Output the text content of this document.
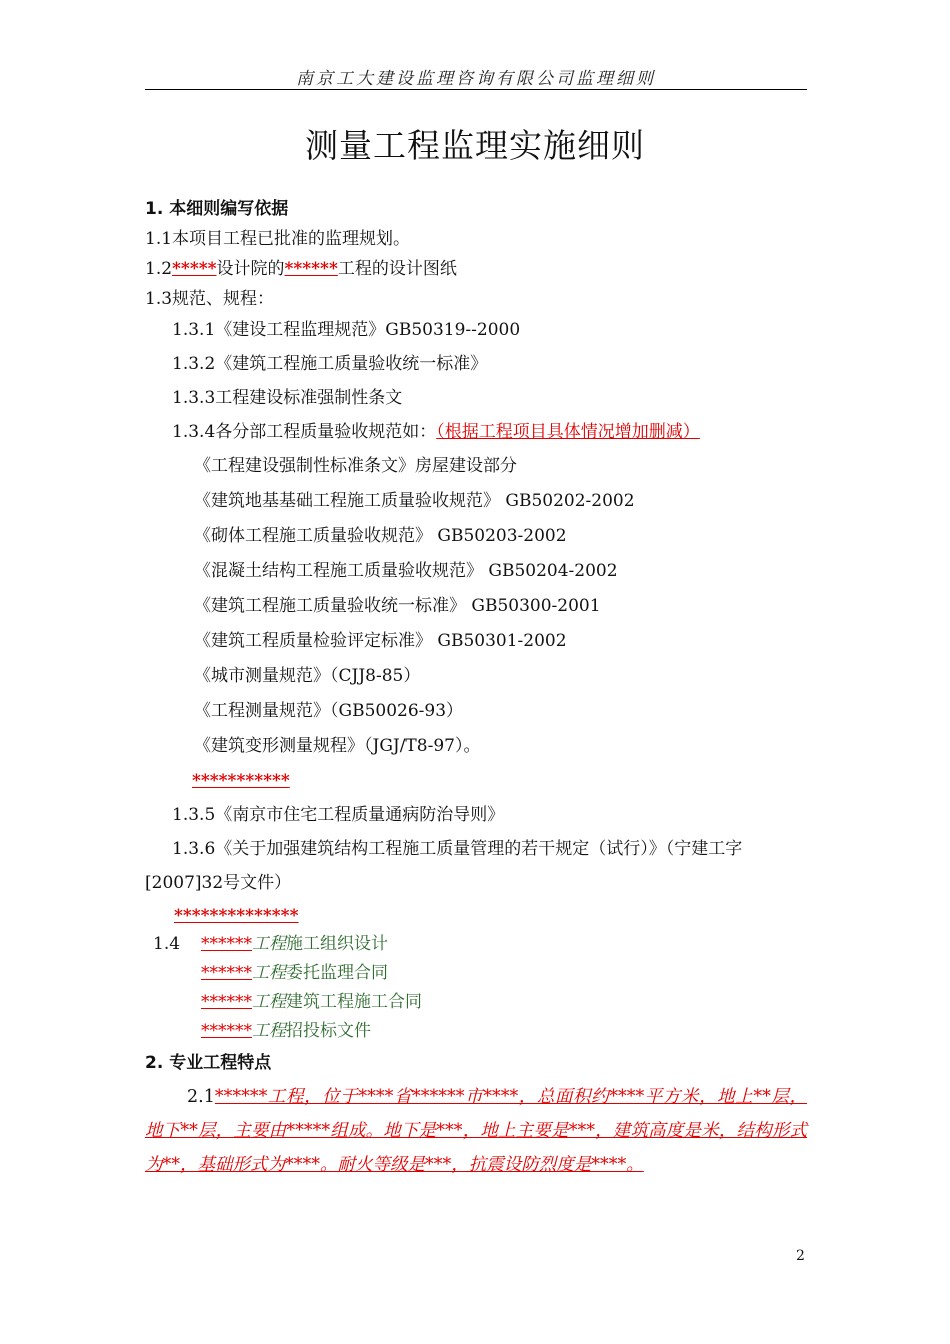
南京工大建设监理咨询有限公司监理细则
测量工程监理实施细则
1. 本细则编写依据
1.1本项目工程已批准的监理规划。
1.2*****设计院的******工程的设计图纸
1.3规范、规程：
1.3.1《建设工程监理规范》GB50319--2000
1.3.2《建筑工程施工质量验收统一标准》
1.3.3工程建设标准强制性条文
1.3.4各分部工程质量验收规范如：（根据工程项目具体情况增加删减）
《工程建设强制性标准条文》房屋建设部分
《建筑地基基础工程施工质量验收规范》 GB50202-2002
《砌体工程施工质量验收规范》 GB50203-2002
《混凝土结构工程施工质量验收规范》 GB50204-2002
《建筑工程施工质量验收统一标准》 GB50300-2001
《建筑工程质量检验评定标准》 GB50301-2002
《城市测量规范》（CJJ8-85）
《工程测量规范》（GB50026-93）
《建筑变形测量规程》（JGJ/T8-97）。
***********
1.3.5《南京市住宅工程质量通病防治导则》
1.3.6《关于加强建筑结构工程施工质量管理的若干规定（试行）》（宁建工字
[2007]32号文件）
**************
1.4 ******工程施工组织设计
******工程委托监理合同
******工程建筑工程施工合同
******工程招投标文件
2. 专业工程特点
2.1******工程，位于****省******市****，总面积约****平方米，地上**层，地下**层，主要由*****组成。地下是***，地上主要是***，建筑高度是米，结构形式为**，基础形式为****。耐火等级是***，抗震设防烈度是****。
2
